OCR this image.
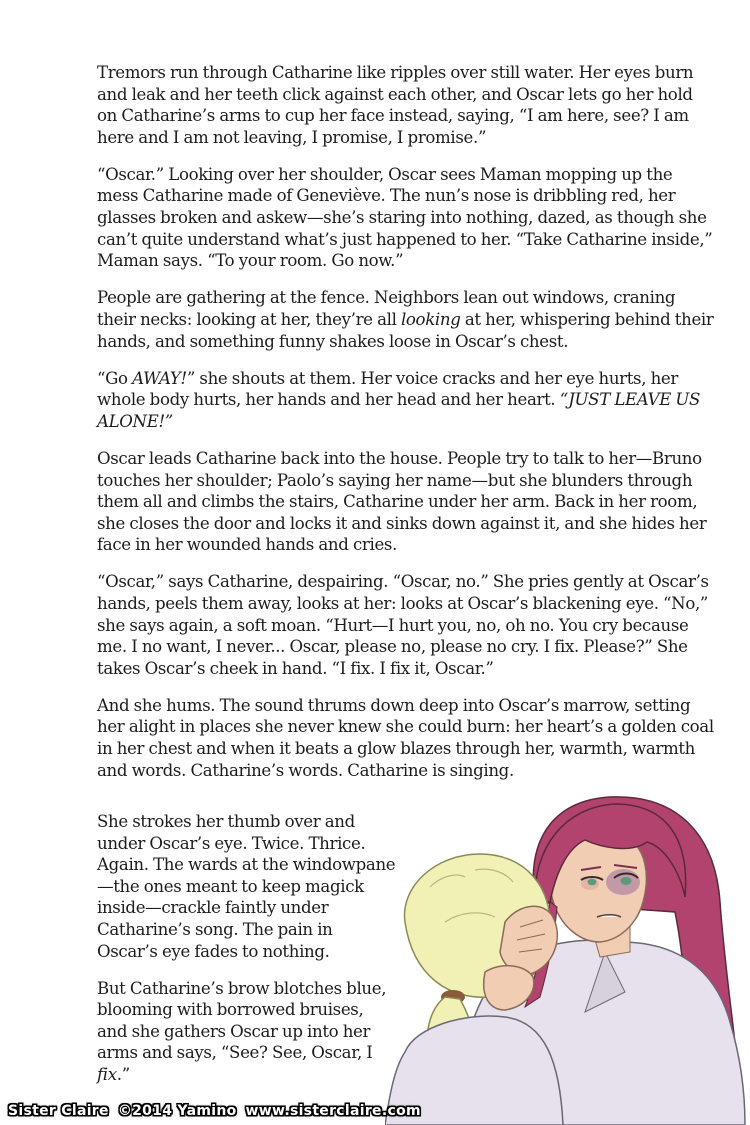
Tremors run through Catharine like ripples over still water. Her eyes burn and leak and her teeth click against each other, and Oscar lets go her hold on Catharine’s arms to cup her face instead, saying, “I am here, see? I am here and I am not leaving, I promise, I promise.”

“Oscar.” Looking over her shoulder, Oscar sees Maman mopping up the mess Catharine made of Geneviève. The nun’s nose is dribbling red, her glasses broken and askew—she’s staring into nothing, dazed, as though she can’t quite understand what’s just happened to her. “Take Catharine inside,” Maman says. “To your room. Go now.”

People are gathering at the fence. Neighbors lean out windows, craning their necks: looking at her, they’re all looking at her, whispering behind their hands, and something funny shakes loose in Oscar’s chest.

“Go AWAY!” she shouts at them. Her voice cracks and her eye hurts, her whole body hurts, her hands and her head and her heart. “JUST LEAVE US ALONE!”

Oscar leads Catharine back into the house. People try to talk to her—Bruno touches her shoulder; Paolo’s saying her name—but she blunders through them all and climbs the stairs, Catharine under her arm. Back in her room, she closes the door and locks it and sinks down against it, and she hides her face in her wounded hands and cries.

“Oscar,” says Catharine, despairing. “Oscar, no.” She pries gently at Oscar’s hands, peels them away, looks at her: looks at Oscar’s blackening eye. “No,” she says again, a soft moan. “Hurt—I hurt you, no, oh no. You cry because me. I no want, I never... Oscar, please no, please no cry. I fix. Please?” She takes Oscar’s cheek in hand. “I fix. I fix it, Oscar.”

And she hums. The sound thrums down deep into Oscar’s marrow, setting her alight in places she never knew she could burn: her heart’s a golden coal in her chest and when it beats a glow blazes through her, warmth, warmth and words. Catharine’s words. Catharine is singing.

She strokes her thumb over and under Oscar’s eye. Twice. Thrice. Again. The wards at the windowpane—the ones meant to keep magick inside—crackle faintly under Catharine’s song. The pain in Oscar’s eye fades to nothing.

But Catharine’s brow blotches blue, blooming with borrowed bruises, and she gathers Oscar up into her arms and says, “See? See, Oscar, I fix.”

Sister Claire ©2014 Yamino www.sisterclaire.com
